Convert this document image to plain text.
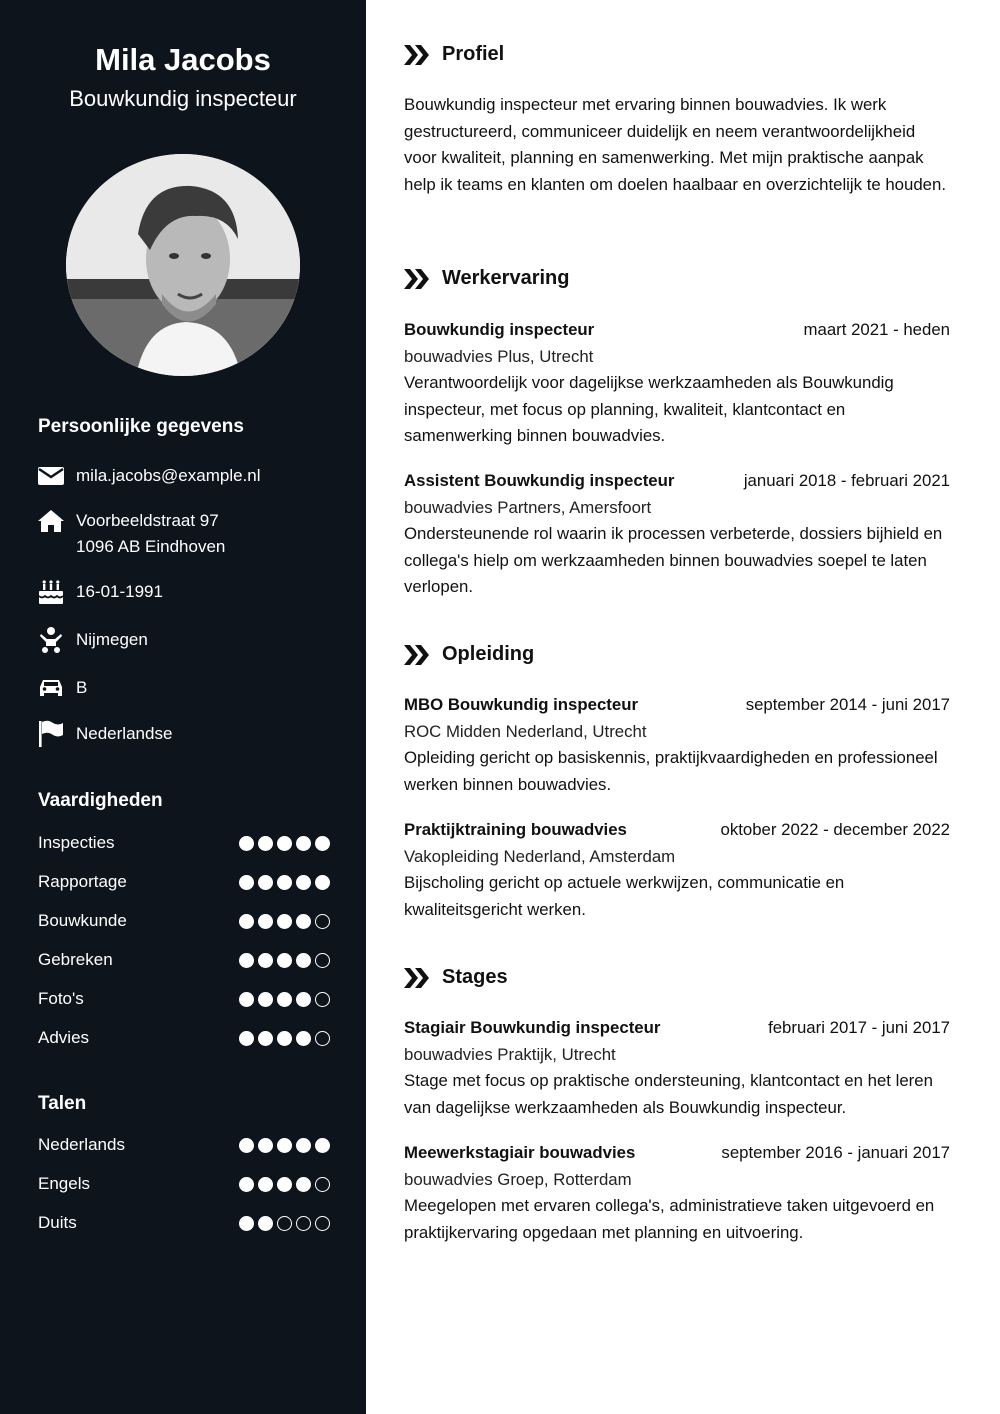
Mila Jacobs
Bouwkundig inspecteur
Persoonlijke gegevens
mila.jacobs@example.nl
Voorbeeldstraat 97
1096 AB Eindhoven
16-01-1991
Nijmegen
B
Nederlandse
Vaardigheden
Inspecties
Rapportage
Bouwkunde
Gebreken
Foto's
Advies
Talen
Nederlands
Engels
Duits
Profiel
Bouwkundig inspecteur met ervaring binnen bouwadvies. Ik werk gestructureerd, communiceer duidelijk en neem verantwoordelijkheid voor kwaliteit, planning en samenwerking. Met mijn praktische aanpak help ik teams en klanten om doelen haalbaar en overzichtelijk te houden.
Werkervaring
Bouwkundig inspecteur	maart 2021 - heden
bouwadvies Plus, Utrecht
Verantwoordelijk voor dagelijkse werkzaamheden als Bouwkundig inspecteur, met focus op planning, kwaliteit, klantcontact en samenwerking binnen bouwadvies.
Assistent Bouwkundig inspecteur	januari 2018 - februari 2021
bouwadvies Partners, Amersfoort
Ondersteunende rol waarin ik processen verbeterde, dossiers bijhield en collega's hielp om werkzaamheden binnen bouwadvies soepel te laten verlopen.
Opleiding
MBO Bouwkundig inspecteur	september 2014 - juni 2017
ROC Midden Nederland, Utrecht
Opleiding gericht op basiskennis, praktijkvaardigheden en professioneel werken binnen bouwadvies.
Praktijktraining bouwadvies	oktober 2022 - december 2022
Vakopleiding Nederland, Amsterdam
Bijscholing gericht op actuele werkwijzen, communicatie en kwaliteitsgericht werken.
Stages
Stagiair Bouwkundig inspecteur	februari 2017 - juni 2017
bouwadvies Praktijk, Utrecht
Stage met focus op praktische ondersteuning, klantcontact en het leren van dagelijkse werkzaamheden als Bouwkundig inspecteur.
Meewerkstagiair bouwadvies	september 2016 - januari 2017
bouwadvies Groep, Rotterdam
Meegelopen met ervaren collega's, administratieve taken uitgevoerd en praktijkervaring opgedaan met planning en uitvoering.
